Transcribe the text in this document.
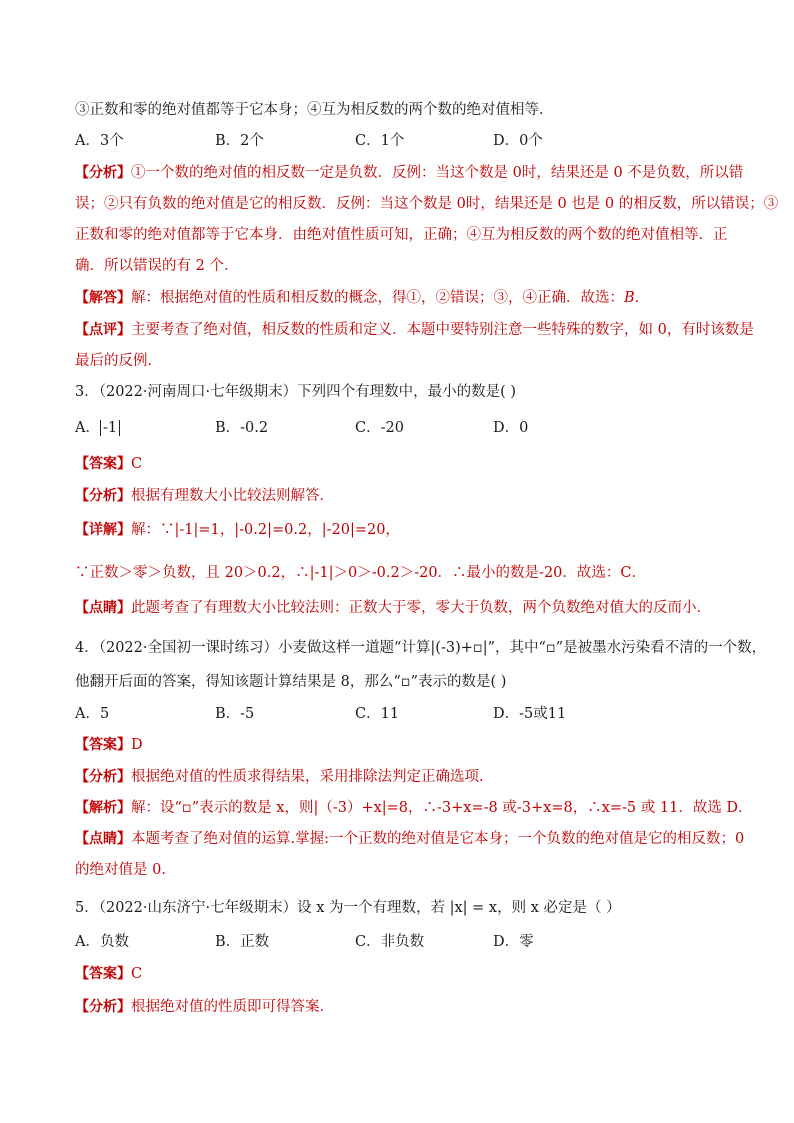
③正数和零的绝对值都等于它本身；④互为相反数的两个数的绝对值相等．
A．3个	B．2个	C．1个	D．0个
【分析】①一个数的绝对值的相反数一定是负数．反例：当这个数是 0时，结果还是 0 不是负数，所以错
误；②只有负数的绝对值是它的相反数．反例：当这个数是 0时，结果还是 0 也是 0 的相反数，所以错误；③
正数和零的绝对值都等于它本身．由绝对值性质可知，正确；④互为相反数的两个数的绝对值相等．正
确．所以错误的有 2 个．
【解答】解：根据绝对值的性质和相反数的概念，得①，②错误；③，④正确．故选：B．
【点评】主要考查了绝对值，相反数的性质和定义．本题中要特别注意一些特殊的数字，如 0，有时该数是
最后的反例．
3．（2022·河南周口·七年级期末）下列四个有理数中，最小的数是( )
A． -1	B．-0.2	C．-20	D．0
【答案】C
【分析】根据有理数大小比较法则解答．
【详解】解：∵|-1|=1，|-0.2|=0.2，|-20|=20，
∵正数＞零＞负数，且 20＞0.2，∴|-1|＞0＞-0.2＞-20．∴最小的数是-20．故选：C．
【点睛】此题考查了有理数大小比较法则：正数大于零，零大于负数，两个负数绝对值大的反而小．
4．（2022·全国初一课时练习）小麦做这样一道题“计算|(-3)+▫|”，其中“▫”是被墨水污染看不清的一个数，
他翻开后面的答案，得知该题计算结果是 8，那么“▫”表示的数是( )
A．5	B．-5	C．11	D．-5或11
【答案】D
【分析】根据绝对值的性质求得结果，采用排除法判定正确选项．
【解析】解：设“▫”表示的数是 x，则|（-3）+x|=8，∴-3+x=-8 或-3+x=8，∴x=-5 或 11．故选 D．
【点睛】本题考查了绝对值的运算.掌握:一个正数的绝对值是它本身；一个负数的绝对值是它的相反数；0
的绝对值是 0.
5．（2022·山东济宁·七年级期末）设 x 为一个有理数，若 |x| = x，则 x 必定是（ ）
A．负数	B．正数	C．非负数	D．零
【答案】C
【分析】根据绝对值的性质即可得答案．
